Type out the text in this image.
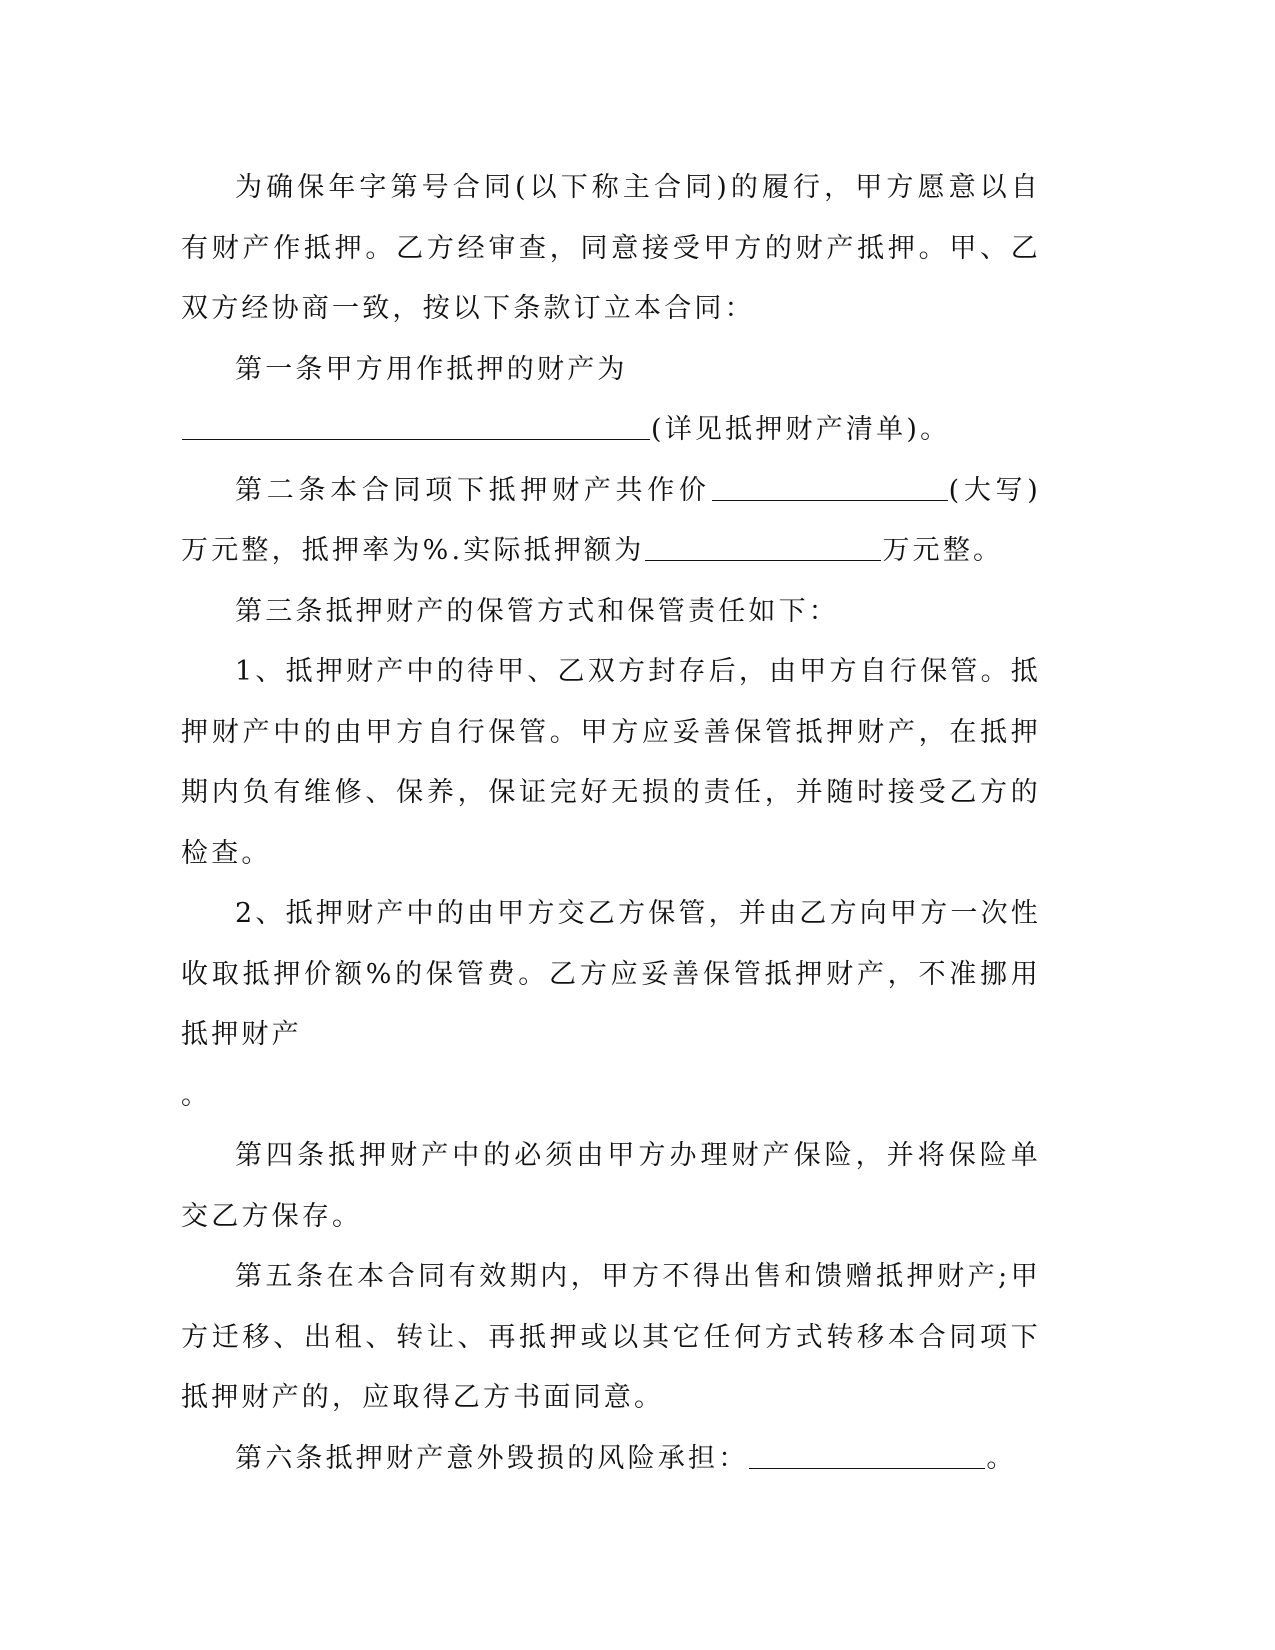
为确保年字第号合同(以下称主合同)的履行，甲方愿意以自有财产作抵押。乙方经审查，同意接受甲方的财产抵押。甲、乙双方经协商一致，按以下条款订立本合同：

第一条甲方用作抵押的财产为

(详见抵押财产清单)。

第二条本合同项下抵押财产共作价	(大写)万元整，抵押率为%.实际抵押额为	万元整。

第三条抵押财产的保管方式和保管责任如下：

1、抵押财产中的待甲、乙双方封存后，由甲方自行保管。抵押财产中的由甲方自行保管。甲方应妥善保管抵押财产，在抵押期内负有维修、保养，保证完好无损的责任，并随时接受乙方的检查。

2、抵押财产中的由甲方交乙方保管，并由乙方向甲方一次性收取抵押价额%的保管费。乙方应妥善保管抵押财产，不准挪用抵押财产

。

第四条抵押财产中的必须由甲方办理财产保险，并将保险单交乙方保存。

第五条在本合同有效期内，甲方不得出售和馈赠抵押财产;甲方迁移、出租、转让、再抵押或以其它任何方式转移本合同项下抵押财产的，应取得乙方书面同意。

第六条抵押财产意外毁损的风险承担：	。
